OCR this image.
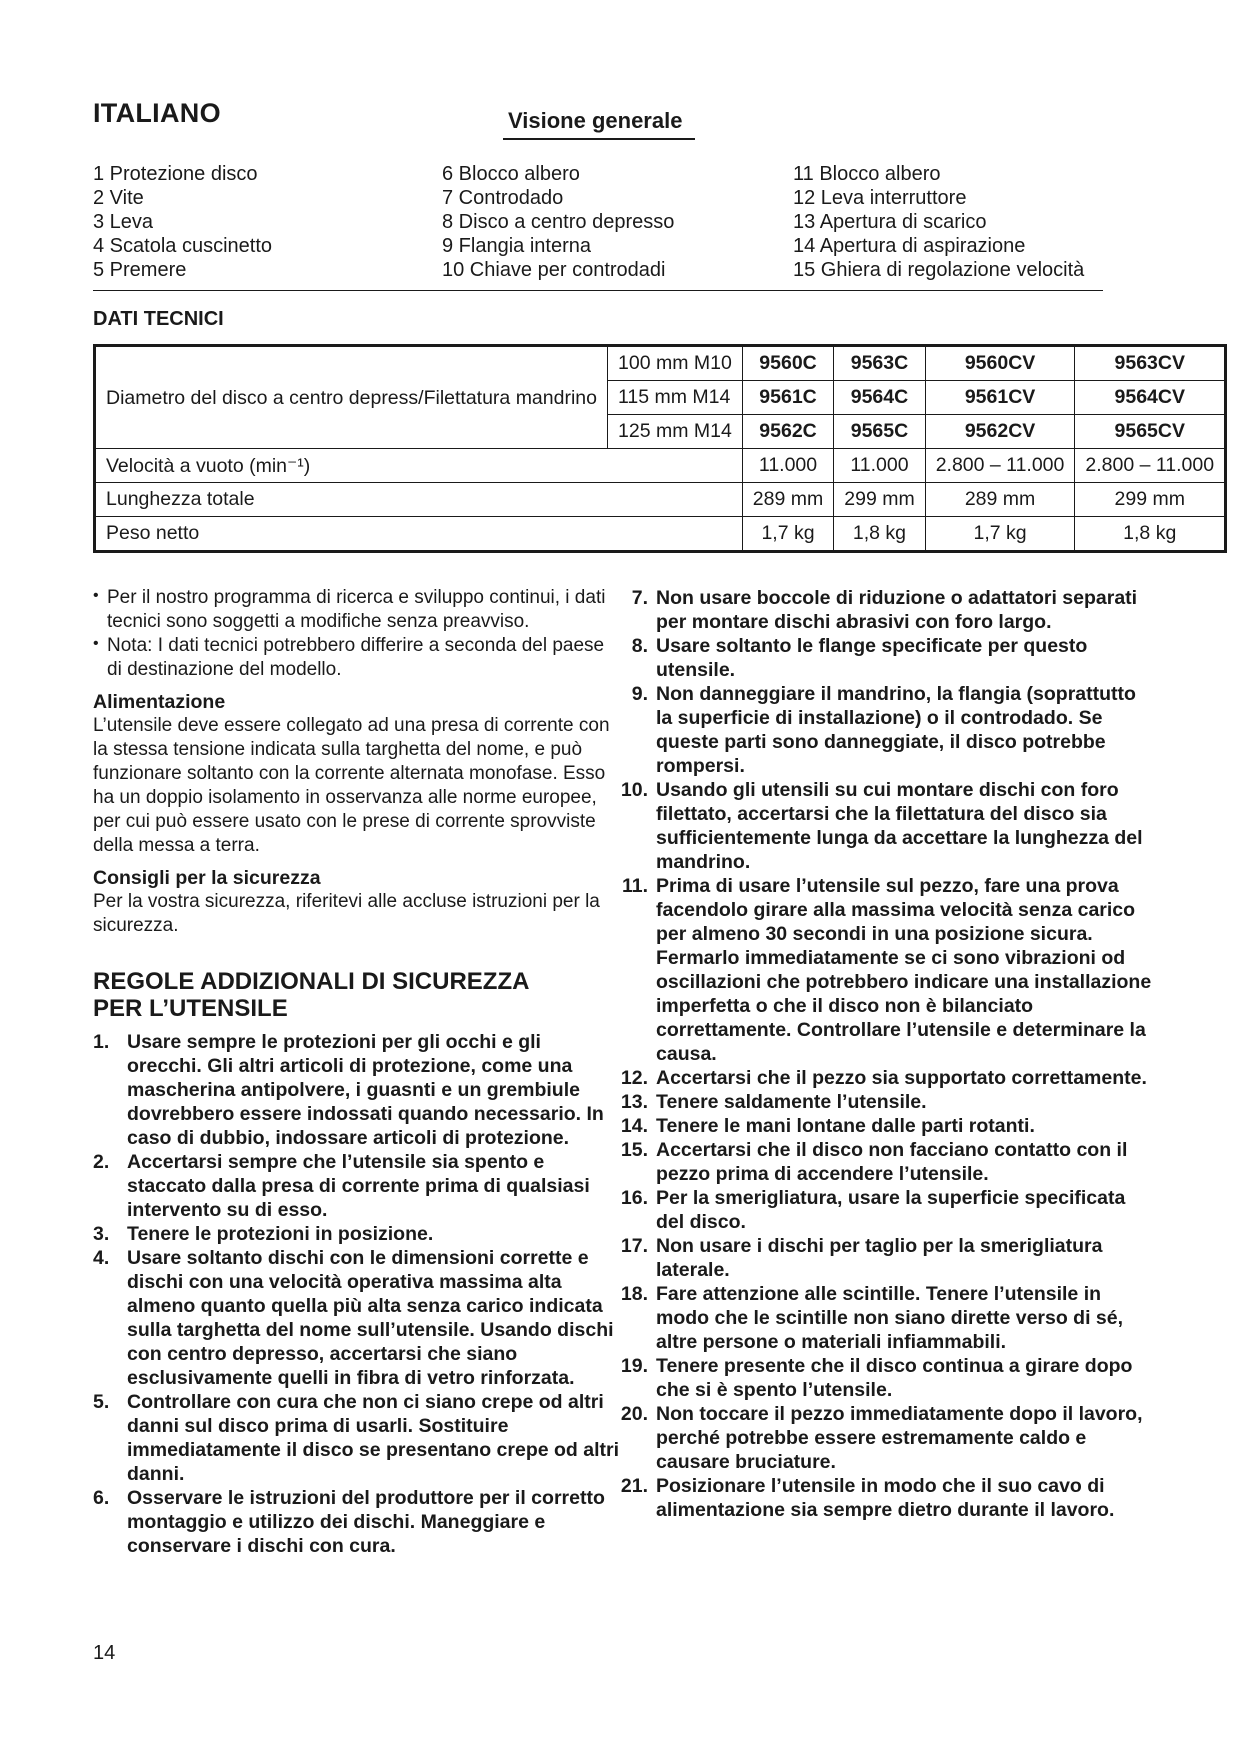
ITALIANO	Visione generale
1 Protezione disco
2 Vite
3 Leva
4 Scatola cuscinetto
5 Premere
6 Blocco albero
7 Controdado
8 Disco a centro depresso
9 Flangia interna
10 Chiave per controdadi
11 Blocco albero
12 Leva interruttore
13 Apertura di scarico
14 Apertura di aspirazione
15 Ghiera di regolazione velocità
DATI TECNICI
Diametro del disco a centro depress/Filettatura mandrino	100 mm M10	9560C	9563C	9560CV	9563CV
	115 mm M14	9561C	9564C	9561CV	9564CV
	125 mm M14	9562C	9565C	9562CV	9565CV
Velocità a vuoto (min⁻¹)		11.000	11.000	2.800 – 11.000	2.800 – 11.000
Lunghezza totale		289 mm	299 mm	289 mm	299 mm
Peso netto		1,7 kg	1,8 kg	1,7 kg	1,8 kg
• Per il nostro programma di ricerca e sviluppo continui, i dati tecnici sono soggetti a modifiche senza preavviso.
• Nota: I dati tecnici potrebbero differire a seconda del paese di destinazione del modello.
Alimentazione
L’utensile deve essere collegato ad una presa di corrente con la stessa tensione indicata sulla targhetta del nome, e può funzionare soltanto con la corrente alternata monofase. Esso ha un doppio isolamento in osservanza alle norme europee, per cui può essere usato con le prese di corrente sprovviste della messa a terra.
Consigli per la sicurezza
Per la vostra sicurezza, riferitevi alle accluse istruzioni per la sicurezza.
REGOLE ADDIZIONALI DI SICUREZZA
PER L’UTENSILE
1. Usare sempre le protezioni per gli occhi e gli orecchi. Gli altri articoli di protezione, come una mascherina antipolvere, i guasnti e un grembiule dovrebbero essere indossati quando necessario. In caso di dubbio, indossare articoli di protezione.
2. Accertarsi sempre che l’utensile sia spento e staccato dalla presa di corrente prima di qualsiasi intervento su di esso.
3. Tenere le protezioni in posizione.
4. Usare soltanto dischi con le dimensioni corrette e dischi con una velocità operativa massima alta almeno quanto quella più alta senza carico indicata sulla targhetta del nome sull’utensile. Usando dischi con centro depresso, accertarsi che siano esclusivamente quelli in fibra di vetro rinforzata.
5. Controllare con cura che non ci siano crepe od altri danni sul disco prima di usarli. Sostituire immediatamente il disco se presentano crepe od altri danni.
6. Osservare le istruzioni del produttore per il corretto montaggio e utilizzo dei dischi. Maneggiare e conservare i dischi con cura.
7. Non usare boccole di riduzione o adattatori separati per montare dischi abrasivi con foro largo.
8. Usare soltanto le flange specificate per questo utensile.
9. Non danneggiare il mandrino, la flangia (soprattutto la superficie di installazione) o il controdado. Se queste parti sono danneggiate, il disco potrebbe rompersi.
10. Usando gli utensili su cui montare dischi con foro filettato, accertarsi che la filettatura del disco sia sufficientemente lunga da accettare la lunghezza del mandrino.
11. Prima di usare l’utensile sul pezzo, fare una prova facendolo girare alla massima velocità senza carico per almeno 30 secondi in una posizione sicura. Fermarlo immediatamente se ci sono vibrazioni od oscillazioni che potrebbero indicare una installazione imperfetta o che il disco non è bilanciato correttamente. Controllare l’utensile e determinare la causa.
12. Accertarsi che il pezzo sia supportato correttamente.
13. Tenere saldamente l’utensile.
14. Tenere le mani lontane dalle parti rotanti.
15. Accertarsi che il disco non facciano contatto con il pezzo prima di accendere l’utensile.
16. Per la smerigliatura, usare la superficie specificata del disco.
17. Non usare i dischi per taglio per la smerigliatura laterale.
18. Fare attenzione alle scintille. Tenere l’utensile in modo che le scintille non siano dirette verso di sé, altre persone o materiali infiammabili.
19. Tenere presente che il disco continua a girare dopo che si è spento l’utensile.
20. Non toccare il pezzo immediatamente dopo il lavoro, perché potrebbe essere estremamente caldo e causare bruciature.
21. Posizionare l’utensile in modo che il suo cavo di alimentazione sia sempre dietro durante il lavoro.
14
